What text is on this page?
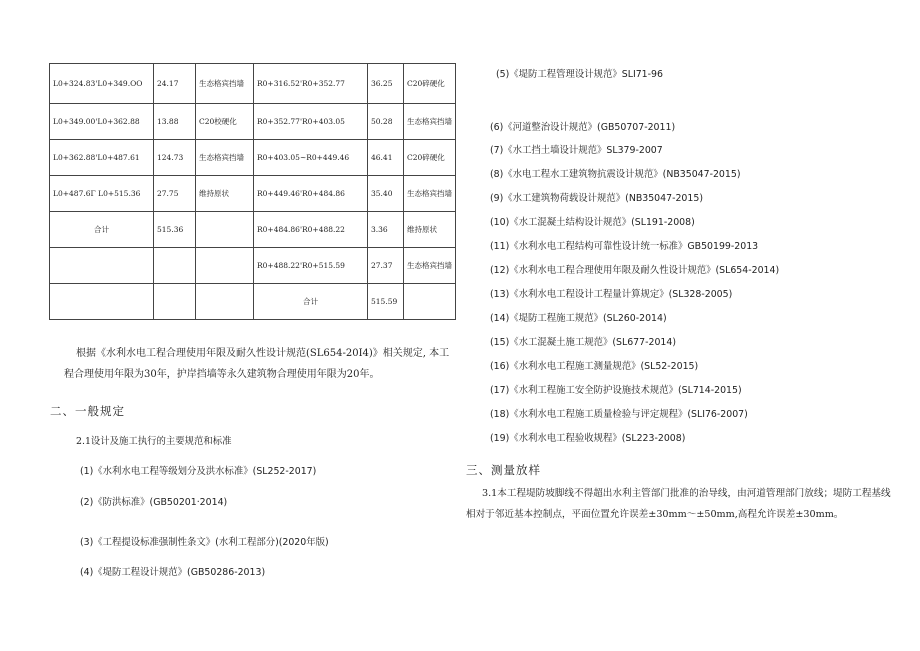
L0+324.83'L0+349.OO	24.17	生态格宾挡墙	R0+316.52'R0+352.77	36.25	C20碎硬化
L0+349.00'L0+362.88	13.88	C20校硬化	R0+352.77'R0+403.05	50.28	生态格宾挡墙
L0+362.88'L0+487.61	124.73	生态格宾挡墙	R0+403.05~R0+449.46	46.41	C20碎硬化
L0+487.6Γ L0+515.36	27.75	维持原状	R0+449.46'R0+484.86	35.40	生态格宾挡墙
合计	515.36		R0+484.86'R0+488.22	3.36	维持原状
			R0+488.22'R0+515.59	27.37	生态格宾挡墙
			合计	515.59	
根据《水利水电工程合理使用年限及耐久性设计规范(SL654-20I4)》相关规定, 本工程合理使用年限为30年，护岸挡墙等永久建筑物合理使用年限为20年。
二、一般规定
2.1设计及施工执行的主要规范和标准
(1)《水利水电工程等级划分及洪水标准》(SL252-2017)
(2)《防洪标准》(GB50201·2014)
(3)《工程提设标准强制性条文》(水利工程部分)(2020年版)
(4)《堤防工程设计规范》(GB50286-2013)
(5)《堤防工程管理设计规范》SLI71-96
(6)《河道整治设计规范》(GB50707-2011)
(7)《水工挡土墙设计规范》SL379-2007
(8)《水电工程水工建筑物抗震设计规范》(NB35047-2015)
(9)《水工建筑物荷载设计规范》(NB35047-2015)
(10)《水工混凝土结构设计规范》(SL191-2008)
(11)《水利水电工程结构可靠性设计统一标准》GB50199-2013
(12)《水利水电工程合理使用年限及耐久性设计规范》(SL654-2014)
(13)《水利水电工程设计工程量计算规定》(SL328-2005)
(14)《堤防工程施工规范》(SL260-2014)
(15)《水工混凝土施工规范》(SL677-2014)
(16)《水利水电工程施工测量规范》(SL52-2015)
(17)《水利工程施工安全防护设施技术规范》(SL714-2015)
(18)《水利水电工程施工质量检验与评定规程》(SLI76-2007)
(19)《水利水电工程验收规程》(SL223-2008)
三、测量放样
3.1本工程堤防坡脚线不得超出水利主管部门批准的治导线，由河道管理部门放线；堤防工程基线相对于邻近基本控制点，平面位置允许误差±30mm～±50mm,高程允许误差±30mm。
